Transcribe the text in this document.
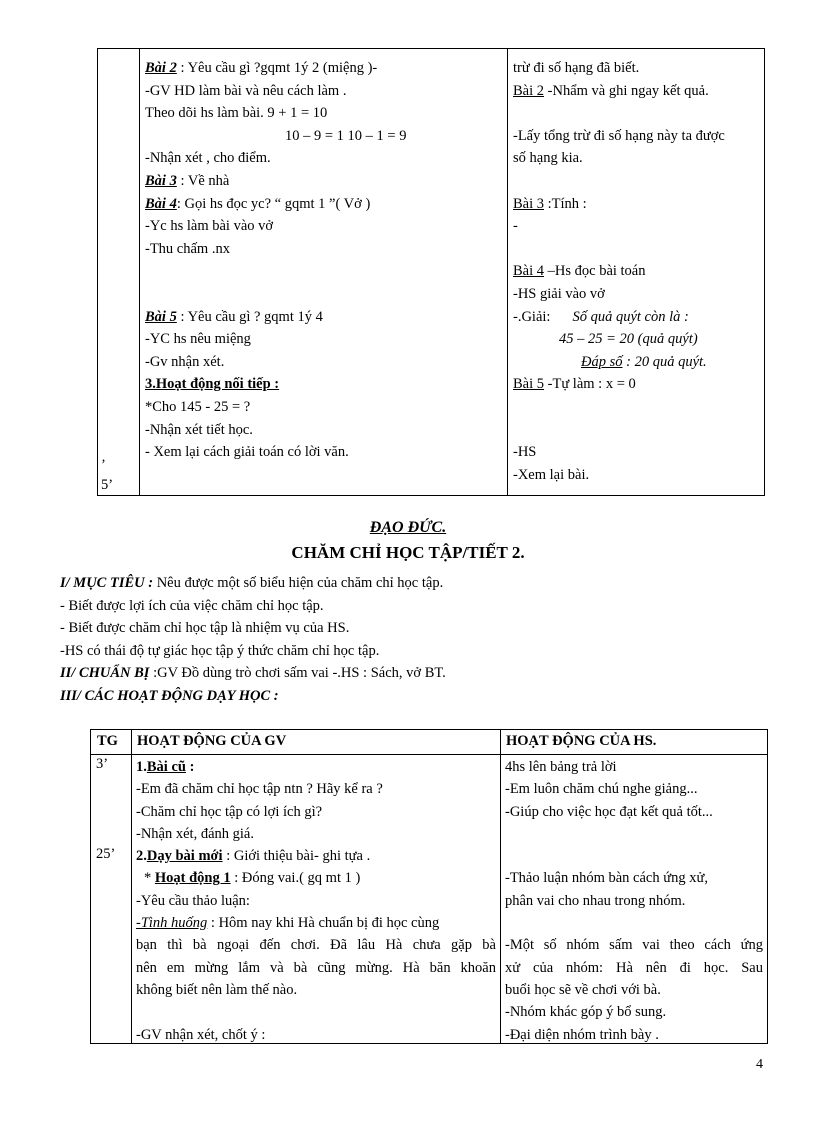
’
5’
Bài 2 : Yêu cầu gì ?gqmt 1ý 2 (miệng )-
-GV HD làm bài và nêu cách làm .
Theo dõi hs làm bài. 9 + 1 = 10
10 – 9 = 1 10 – 1 = 9
-Nhận xét , cho điểm.
Bài 3 : Về nhà
Bài 4: Gọi hs đọc yc? “ gqmt 1 ”( Vở )
-Yc hs làm bài vào vở
-Thu chấm .nx
Bài 5 : Yêu cầu gì ? gqmt 1ý 4
-YC hs nêu miệng
-Gv nhận xét.
3.Hoạt động nối tiếp :
*Cho 145 - 25 = ?
-Nhận xét tiết học.
- Xem lại cách giải toán có lời văn.
trừ đi số hạng đã biết.
Bài 2 -Nhẩm và ghi ngay kết quả.
-Lấy tổng trừ đi số hạng này ta được
số hạng kia.
Bài 3 :Tính :
-
Bài 4 –Hs đọc bài toán
-HS giải vào vở
-.Giải: Số quả quýt còn là :
45 – 25 = 20 (quả quýt)
Đáp số : 20 quả quýt.
Bài 5 -Tự làm : x = 0
-HS
-Xem lại bài.
ĐẠO ĐỨC.
CHĂM CHỈ HỌC TẬP/TIẾT 2.
I/ MỤC TIÊU : Nêu được một số biểu hiện của chăm chỉ học tập.
- Biết được lợi ích của việc chăm chỉ học tập.
- Biết được chăm chỉ học tập là nhiệm vụ của HS.
-HS có thái độ tự giác học tập ý thức chăm chỉ học tập.
II/ CHUẨN BỊ :GV Đồ dùng trò chơi sấm vai -.HS : Sách, vở BT.
III/ CÁC HOẠT ĐỘNG DẠY HỌC :
TG HOẠT ĐỘNG CỦA GV	HOẠT ĐỘNG CỦA HS.
3’
25’
1.Bài cũ :
-Em đã chăm chỉ học tập ntn ? Hãy kể ra ?
-Chăm chỉ học tập có lợi ích gì?
-Nhận xét, đánh giá.
2.Dạy bài mới : Giới thiệu bài- ghi tựa .
* Hoạt động 1 : Đóng vai.( gq mt 1 )
-Yêu cầu thảo luận:
-Tình huống : Hôm nay khi Hà chuẩn bị đi học cùng
bạn thì bà ngoại đến chơi. Đã lâu Hà chưa gặp bà
nên em mừng lắm và bà cũng mừng. Hà băn khoăn
không biết nên làm thế nào.
-GV nhận xét, chốt ý :
4hs lên bảng trả lời
-Em luôn chăm chú nghe giảng...
-Giúp cho việc học đạt kết quả tốt...
-Thảo luận nhóm bàn cách ứng xử,
phân vai cho nhau trong nhóm.
-Một số nhóm sấm vai theo cách ứng
xử của nhóm: Hà nên đi học. Sau
buổi học sẽ về chơi với bà.
-Nhóm khác góp ý bổ sung.
-Đại diện nhóm trình bày .
4
